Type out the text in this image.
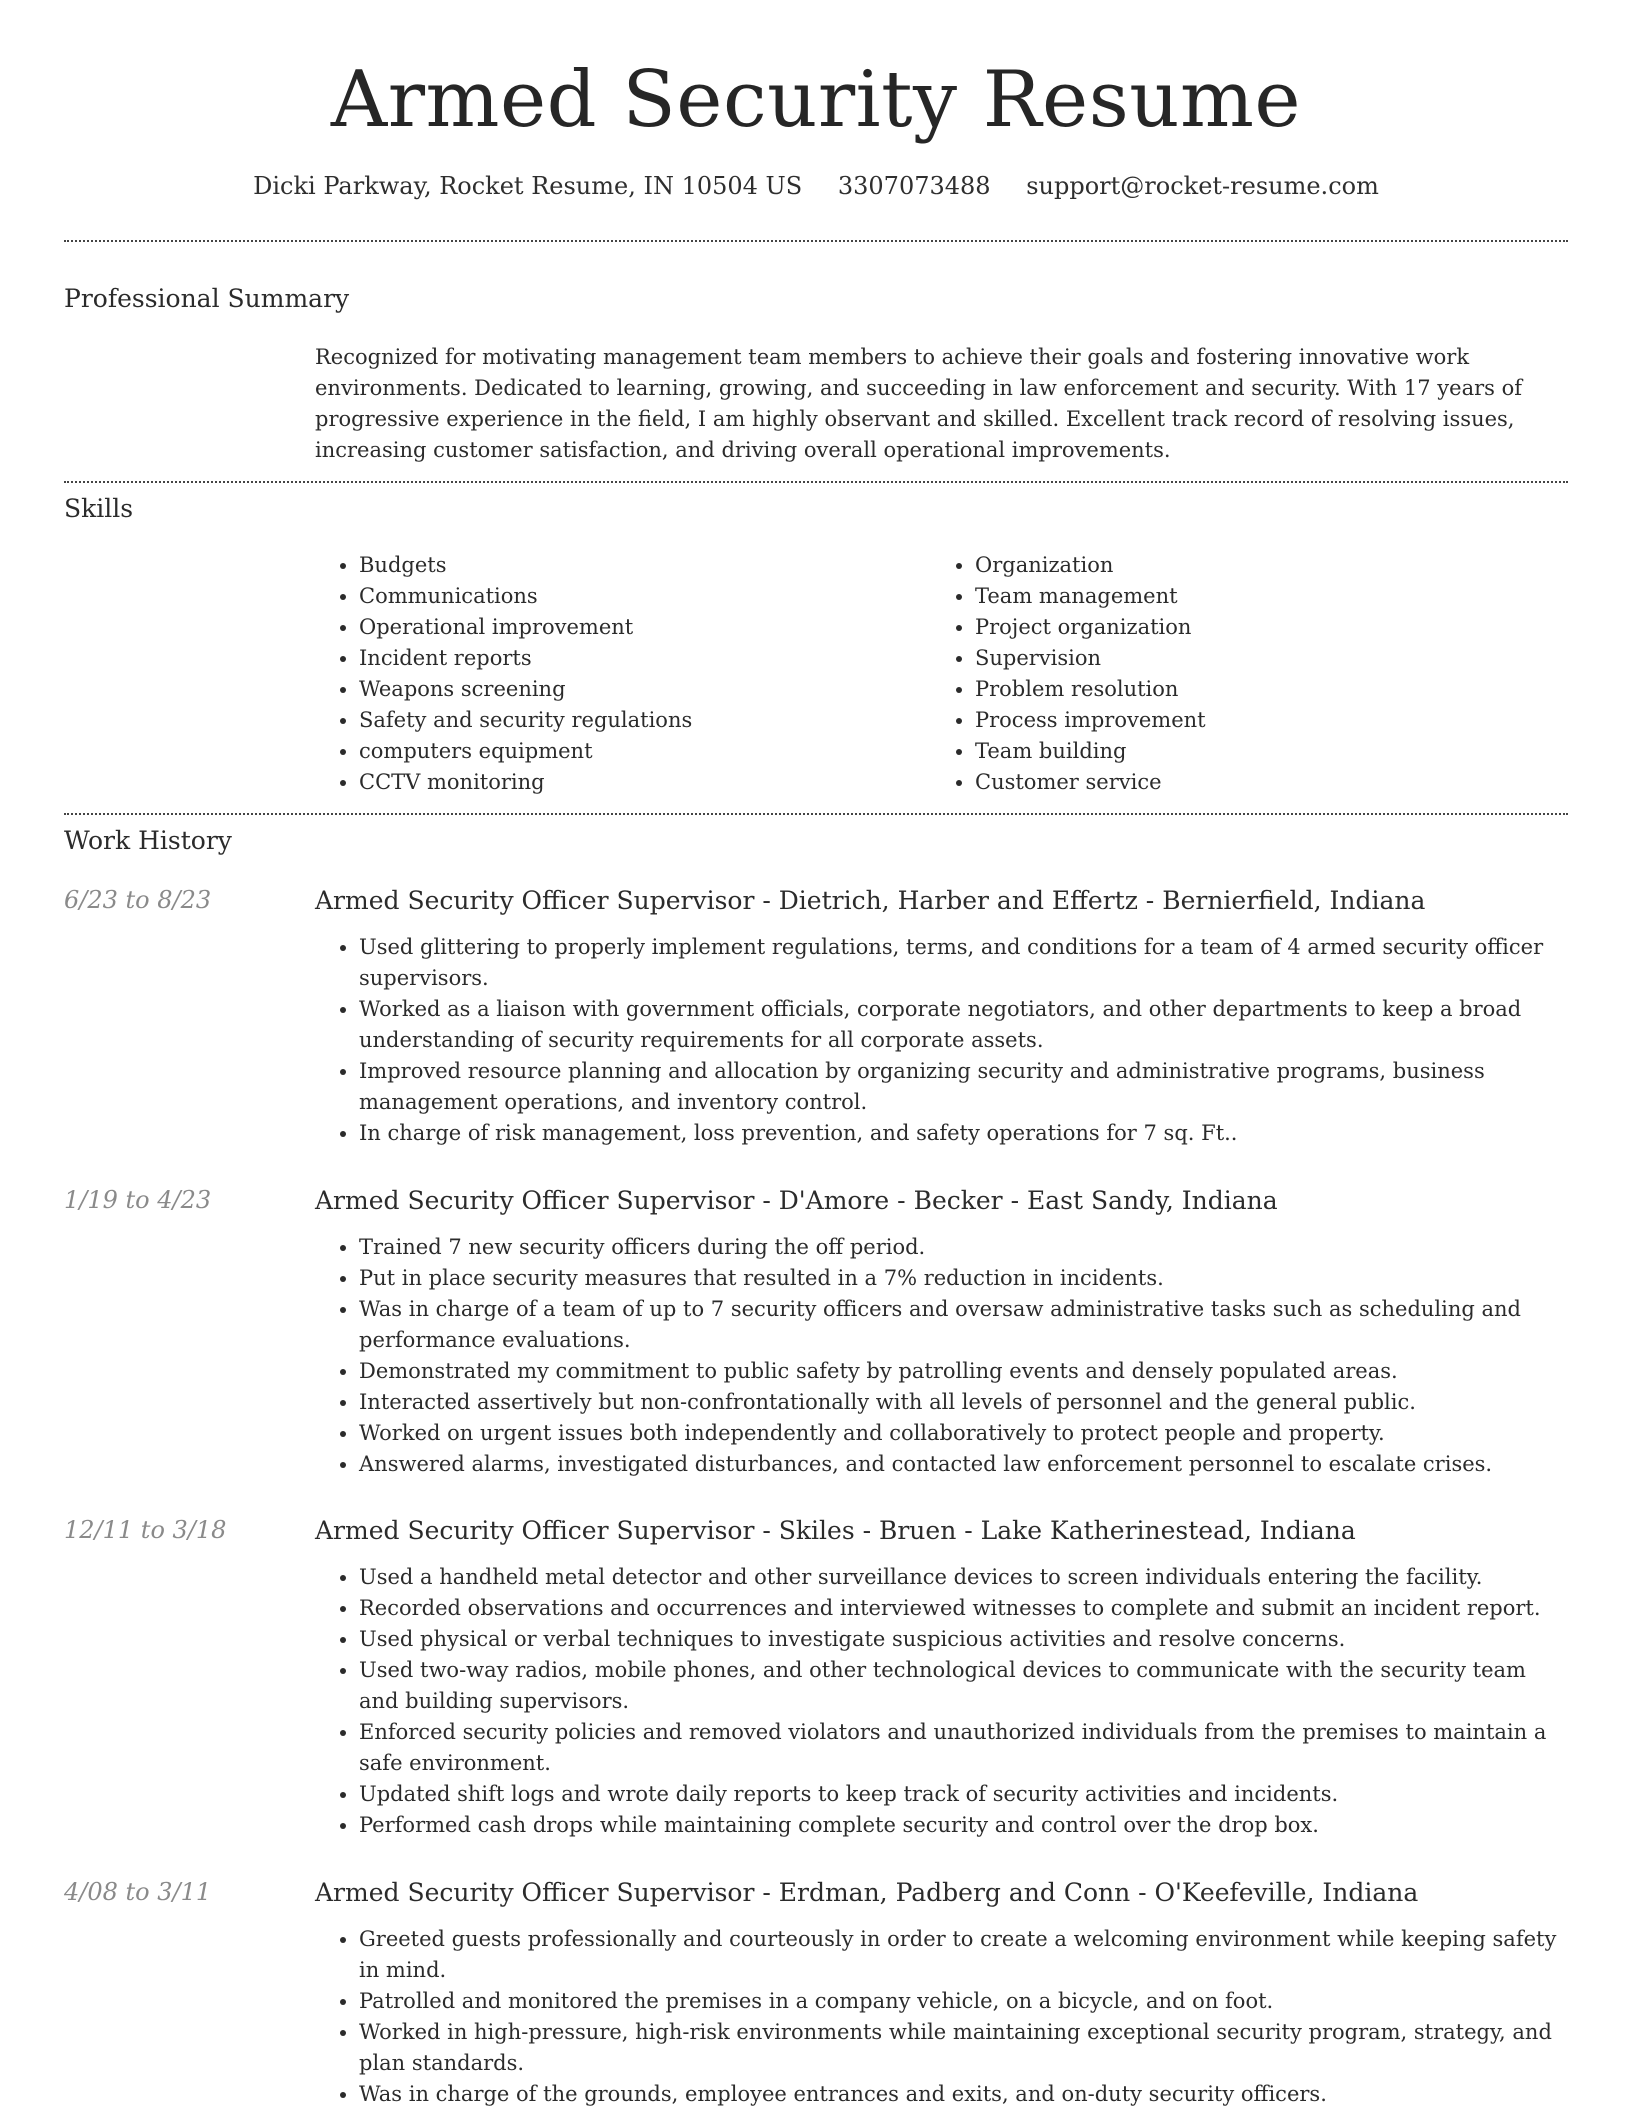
Armed Security Resume
Dicki Parkway, Rocket Resume, IN 10504 US 3307073488 support@rocket-resume.com
Professional Summary

Recognized for motivating management team members to achieve their goals and fostering innovative work environments. Dedicated to learning, growing, and succeeding in law enforcement and security. With 17 years of progressive experience in the field, I am highly observant and skilled. Excellent track record of resolving issues, increasing customer satisfaction, and driving overall operational improvements.

Skills
• Budgets
• Communications
• Operational improvement
• Incident reports
• Weapons screening
• Safety and security regulations
• computers equipment
• CCTV monitoring
• Organization
• Team management
• Project organization
• Supervision
• Problem resolution
• Process improvement
• Team building
• Customer service
Work History
6/23 to 8/23	Armed Security Officer Supervisor - Dietrich, Harber and Effertz - Bernierfield, Indiana
• Used glittering to properly implement regulations, terms, and conditions for a team of 4 armed security officer supervisors.
• Worked as a liaison with government officials, corporate negotiators, and other departments to keep a broad understanding of security requirements for all corporate assets.
• Improved resource planning and allocation by organizing security and administrative programs, business management operations, and inventory control.
• In charge of risk management, loss prevention, and safety operations for 7 sq. Ft..
1/19 to 4/23	Armed Security Officer Supervisor - D'Amore - Becker - East Sandy, Indiana
• Trained 7 new security officers during the off period.
• Put in place security measures that resulted in a 7% reduction in incidents.
• Was in charge of a team of up to 7 security officers and oversaw administrative tasks such as scheduling and performance evaluations.
• Demonstrated my commitment to public safety by patrolling events and densely populated areas.
• Interacted assertively but non-confrontationally with all levels of personnel and the general public.
• Worked on urgent issues both independently and collaboratively to protect people and property.
• Answered alarms, investigated disturbances, and contacted law enforcement personnel to escalate crises.
12/11 to 3/18	Armed Security Officer Supervisor - Skiles - Bruen - Lake Katherinestead, Indiana
• Used a handheld metal detector and other surveillance devices to screen individuals entering the facility.
• Recorded observations and occurrences and interviewed witnesses to complete and submit an incident report.
• Used physical or verbal techniques to investigate suspicious activities and resolve concerns.
• Used two-way radios, mobile phones, and other technological devices to communicate with the security team and building supervisors.
• Enforced security policies and removed violators and unauthorized individuals from the premises to maintain a safe environment.
• Updated shift logs and wrote daily reports to keep track of security activities and incidents.
• Performed cash drops while maintaining complete security and control over the drop box.
4/08 to 3/11	Armed Security Officer Supervisor - Erdman, Padberg and Conn - O'Keefeville, Indiana
• Greeted guests professionally and courteously in order to create a welcoming environment while keeping safety in mind.
• Patrolled and monitored the premises in a company vehicle, on a bicycle, and on foot.
• Worked in high-pressure, high-risk environments while maintaining exceptional security program, strategy, and plan standards.
• Was in charge of the grounds, employee entrances and exits, and on-duty security officers.
